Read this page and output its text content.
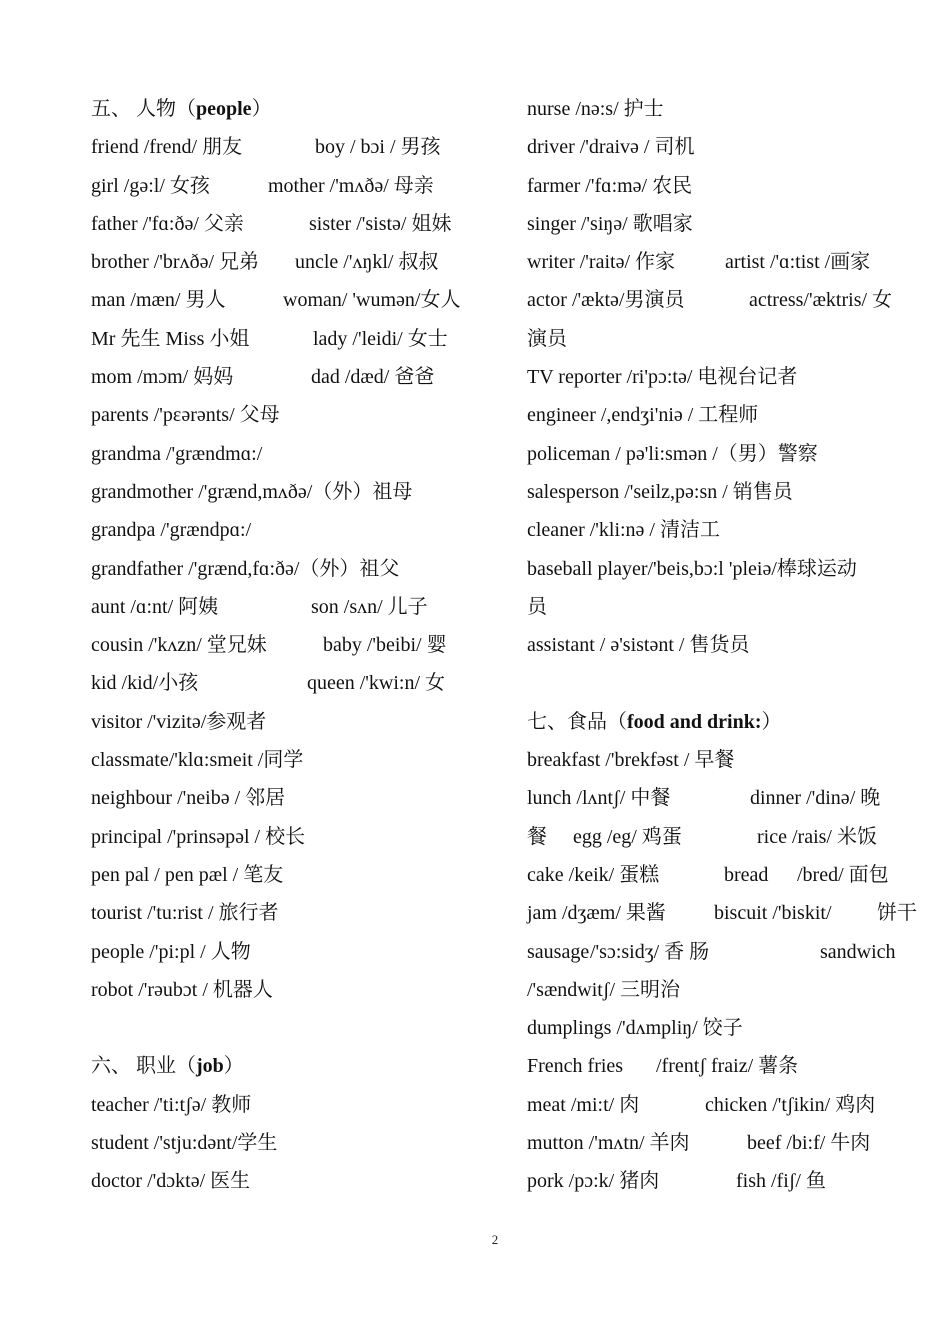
五、 人物（people）
friend /frend/ 朋友	boy / bɔi / 男孩
girl /gə:l/ 女孩	mother /'mʌðə/ 母亲
father /'fɑ:ðə/ 父亲	sister /'sistə/ 姐妹
brother /'brʌðə/ 兄弟 uncle /'ʌŋkl/ 叔叔
man /mæn/ 男人	woman/ 'wumən/女人
Mr 先生 Miss 小姐	lady /'leidi/ 女士
mom /mɔm/ 妈妈	dad /dæd/ 爸爸
parents /'pεərənts/ 父母
grandma /'grændmɑ:/
grandmother /'grænd,mʌðə/（外）祖母
grandpa /'grændpɑ:/
grandfather /'grænd,fɑ:ðə/（外）祖父
aunt /ɑ:nt/ 阿姨	son /sʌn/ 儿子
cousin /'kʌzn/ 堂兄妹	baby /'beibi/ 婴
kid /kid/小孩	queen /'kwi:n/ 女
visitor /'vizitə/参观者
classmate/'klɑ:smeit /同学
neighbour /'neibə / 邻居
principal /'prinsəpəl / 校长
pen pal / pen pæl / 笔友
tourist /'tu:rist / 旅行者
people /'pi:pl / 人物
robot /'rəubɔt / 机器人
六、 职业（job）
teacher /'ti:tʃə/ 教师
student /'stju:dənt/学生
doctor /'dɔktə/ 医生
nurse /nə:s/ 护士
driver /'draivə / 司机
farmer /'fɑ:mə/ 农民
singer /'siŋə/ 歌唱家
writer /'raitə/ 作家	artist /'ɑ:tist /画家
actor /'æktə/男演员	actress/'æktris/ 女
演员
TV reporter /ri'pɔ:tə/ 电视台记者
engineer /,endʒi'niə / 工程师
policeman / pə'li:smən /（男）警察
salesperson /'seilz,pə:sn / 销售员
cleaner /'kli:nə / 清洁工
baseball player/'beis,bɔ:l 'pleiə/棒球运动
员
assistant / ə'sistənt / 售货员
七、食品（food and drink:）
breakfast /'brekfəst / 早餐
lunch /lʌntʃ/ 中餐	dinner /'dinə/ 晚
餐 egg /eg/ 鸡蛋	rice /rais/ 米饭
cake /keik/ 蛋糕	bread /bred/ 面包
jam /dʒæm/ 果酱 biscuit /'biskit/ 饼干
sausage /'sɔ:sidʒ/ 香 肠	sandwich
/'sændwitʃ/ 三明治
dumplings /'dʌmpliŋ/ 饺子
French fries /frentʃ fraiz/ 薯条
meat /mi:t/ 肉	chicken /'tʃikin/ 鸡肉
mutton /'mʌtn/ 羊肉	beef /bi:f/ 牛肉
pork /pɔ:k/ 猪肉	fish /fiʃ/ 鱼
2
